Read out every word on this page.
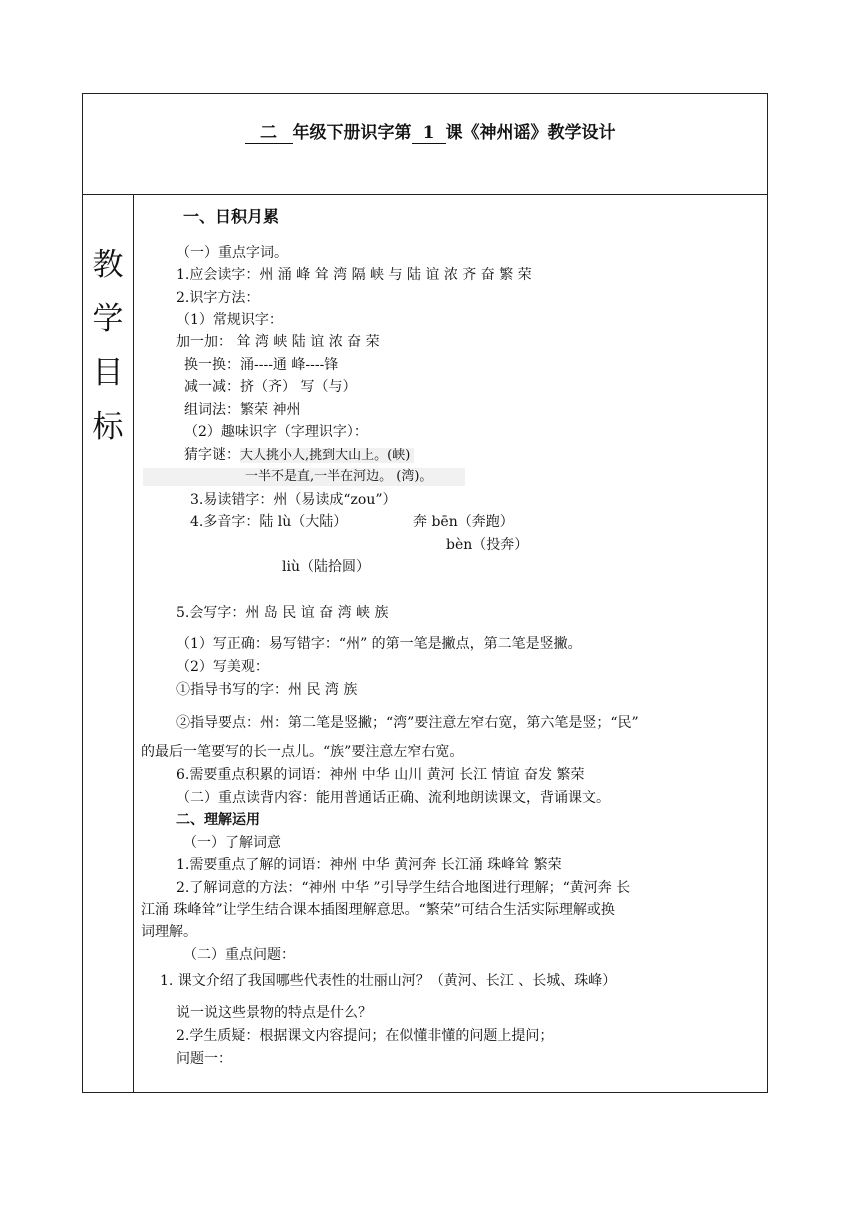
二 年级下册识字第 1 课《神州谣》教学设计
教
学
目
标
一、日积月累
（一）重点字词。
1.应会读字：州 涌 峰 耸 湾 隔 峡 与 陆 谊 浓 齐 奋 繁 荣
2.识字方法：
（1）常规识字：
加一加： 耸 湾 峡 陆 谊 浓 奋 荣
换一换：涌----通 峰----锋
减一减：挤（齐） 写（与）
组词法：繁荣 神州
（2）趣味识字（字理识字）：
猜字谜：大人挑小人,挑到大山上。(峡)
一半不是直,一半在河边。 (湾)。
3.易读错字：州（易读成“zou”）
4.多音字：陆 lù（大陆）	奔 bēn（奔跑）
bèn（投奔）
liù（陆拾圆）
5.会写字：州 岛 民 谊 奋 湾 峡 族
（1）写正确：易写错字：“州” 的第一笔是撇点，第二笔是竖撇。
（2）写美观：
①指导书写的字：州 民 湾 族
②指导要点：州：第二笔是竖撇；“湾”要注意左窄右宽，第六笔是竖；“民”
的最后一笔要写的长一点儿。“族”要注意左窄右宽。
6.需要重点积累的词语：神州 中华 山川 黄河 长江 情谊 奋发 繁荣
（二）重点读背内容：能用普通话正确、流利地朗读课文，背诵课文。
二、理解运用
（一）了解词意
1.需要重点了解的词语：神州 中华 黄河奔 长江涌 珠峰耸 繁荣
2.了解词意的方法：“神州 中华 ”引导学生结合地图进行理解；“黄河奔 长
江涌 珠峰耸”让学生结合课本插图理解意思。“繁荣”可结合生活实际理解或换
词理解。
（二）重点问题：
1. 课文介绍了我国哪些代表性的壮丽山河？（黄河、长江 、长城、珠峰）
说一说这些景物的特点是什么？
2.学生质疑：根据课文内容提问；在似懂非懂的问题上提问；
问题一：
